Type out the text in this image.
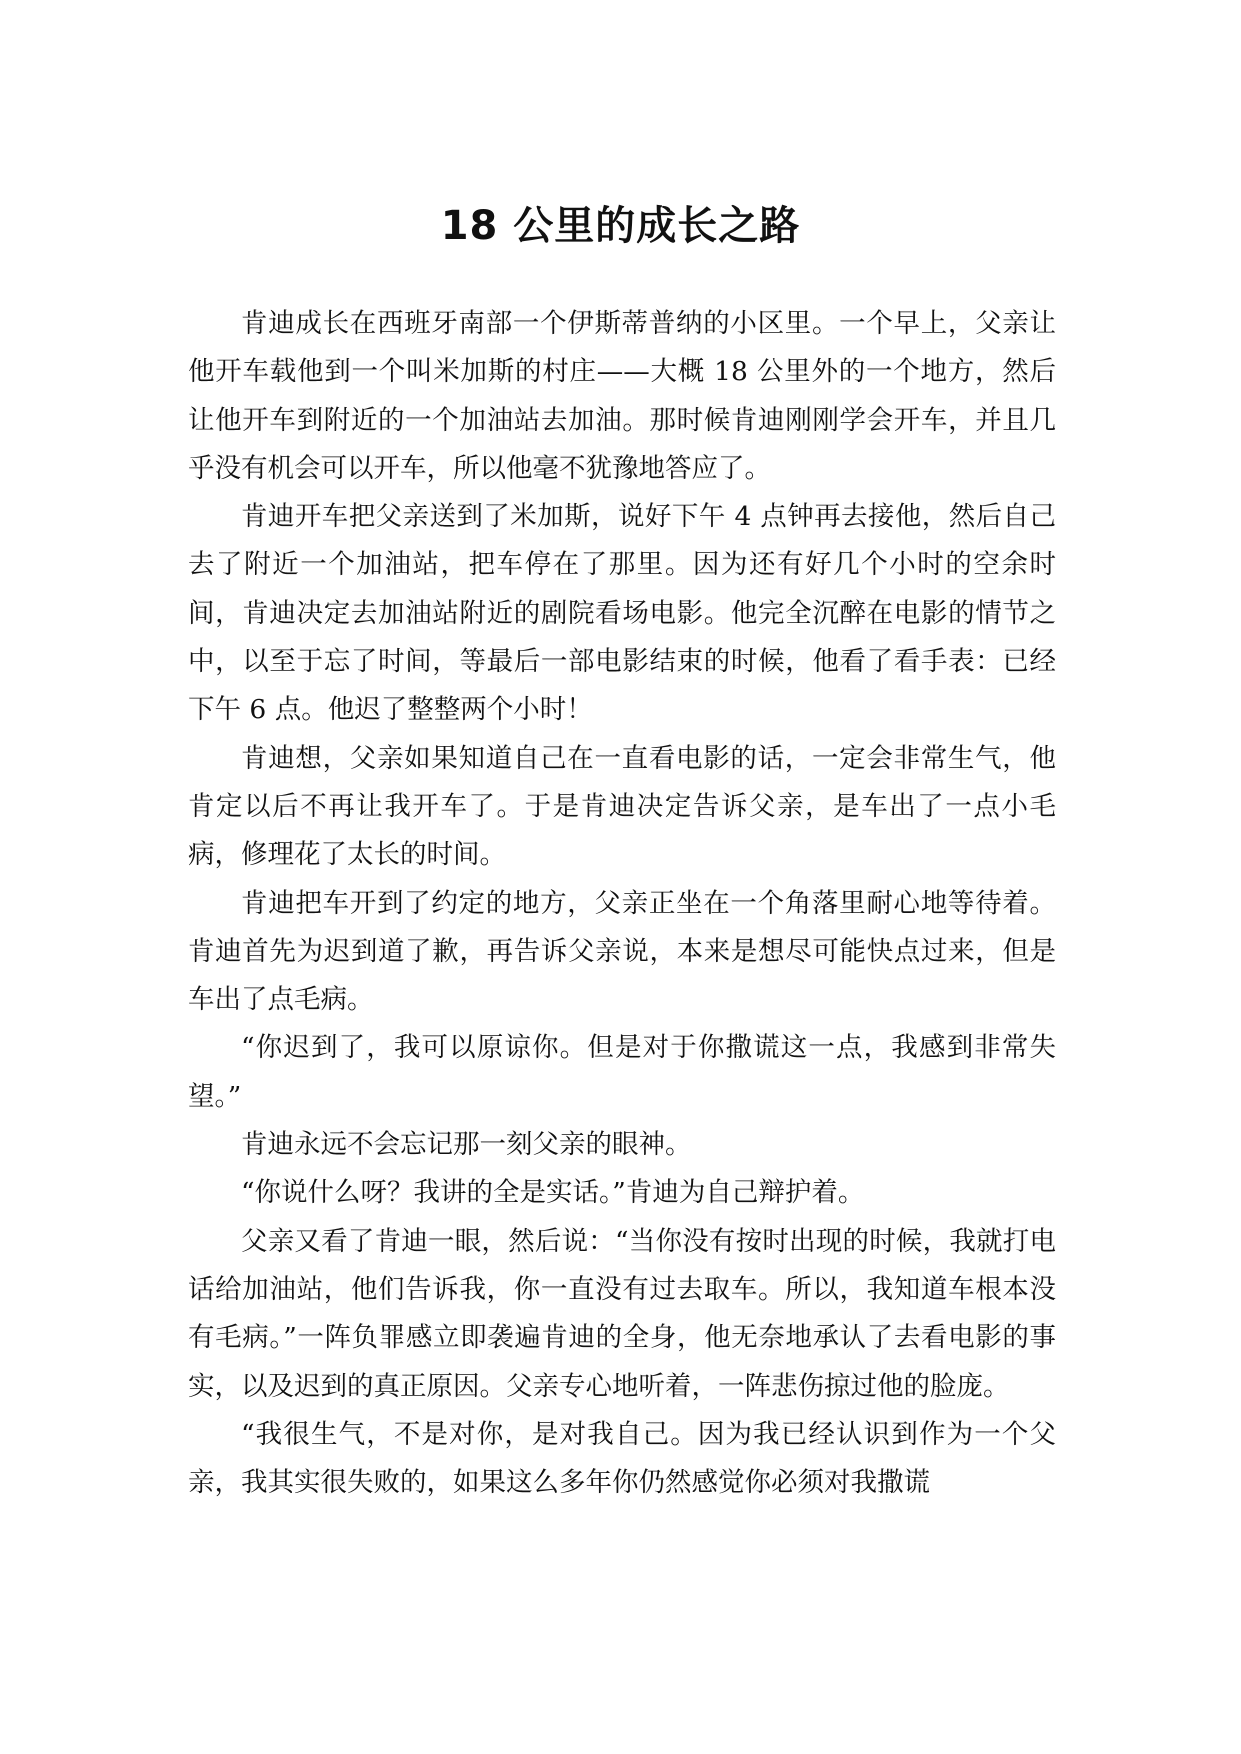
18 公里的成长之路

肯迪成长在西班牙南部一个伊斯蒂普纳的小区里。一个早上，父亲让他开车载他到一个叫米加斯的村庄——大概 18 公里外的一个地方，然后让他开车到附近的一个加油站去加油。那时候肯迪刚刚学会开车，并且几乎没有机会可以开车，所以他毫不犹豫地答应了。

肯迪开车把父亲送到了米加斯，说好下午 4 点钟再去接他，然后自己去了附近一个加油站，把车停在了那里。因为还有好几个小时的空余时间，肯迪决定去加油站附近的剧院看场电影。他完全沉醉在电影的情节之中，以至于忘了时间，等最后一部电影结束的时候，他看了看手表：已经下午 6 点。他迟了整整两个小时！

肯迪想，父亲如果知道自己在一直看电影的话，一定会非常生气，他肯定以后不再让我开车了。于是肯迪决定告诉父亲，是车出了一点小毛病，修理花了太长的时间。

肯迪把车开到了约定的地方，父亲正坐在一个角落里耐心地等待着。肯迪首先为迟到道了歉，再告诉父亲说，本来是想尽可能快点过来，但是车出了点毛病。

“你迟到了，我可以原谅你。但是对于你撒谎这一点，我感到非常失望。”

肯迪永远不会忘记那一刻父亲的眼神。

“你说什么呀？我讲的全是实话。”肯迪为自己辩护着。

父亲又看了肯迪一眼，然后说：“当你没有按时出现的时候，我就打电话给加油站，他们告诉我，你一直没有过去取车。所以，我知道车根本没有毛病。”一阵负罪感立即袭遍肯迪的全身，他无奈地承认了去看电影的事实，以及迟到的真正原因。父亲专心地听着，一阵悲伤掠过他的脸庞。

“我很生气，不是对你，是对我自己。因为我已经认识到作为一个父亲，我其实很失败的，如果这么多年你仍然感觉你必须对我撒谎
